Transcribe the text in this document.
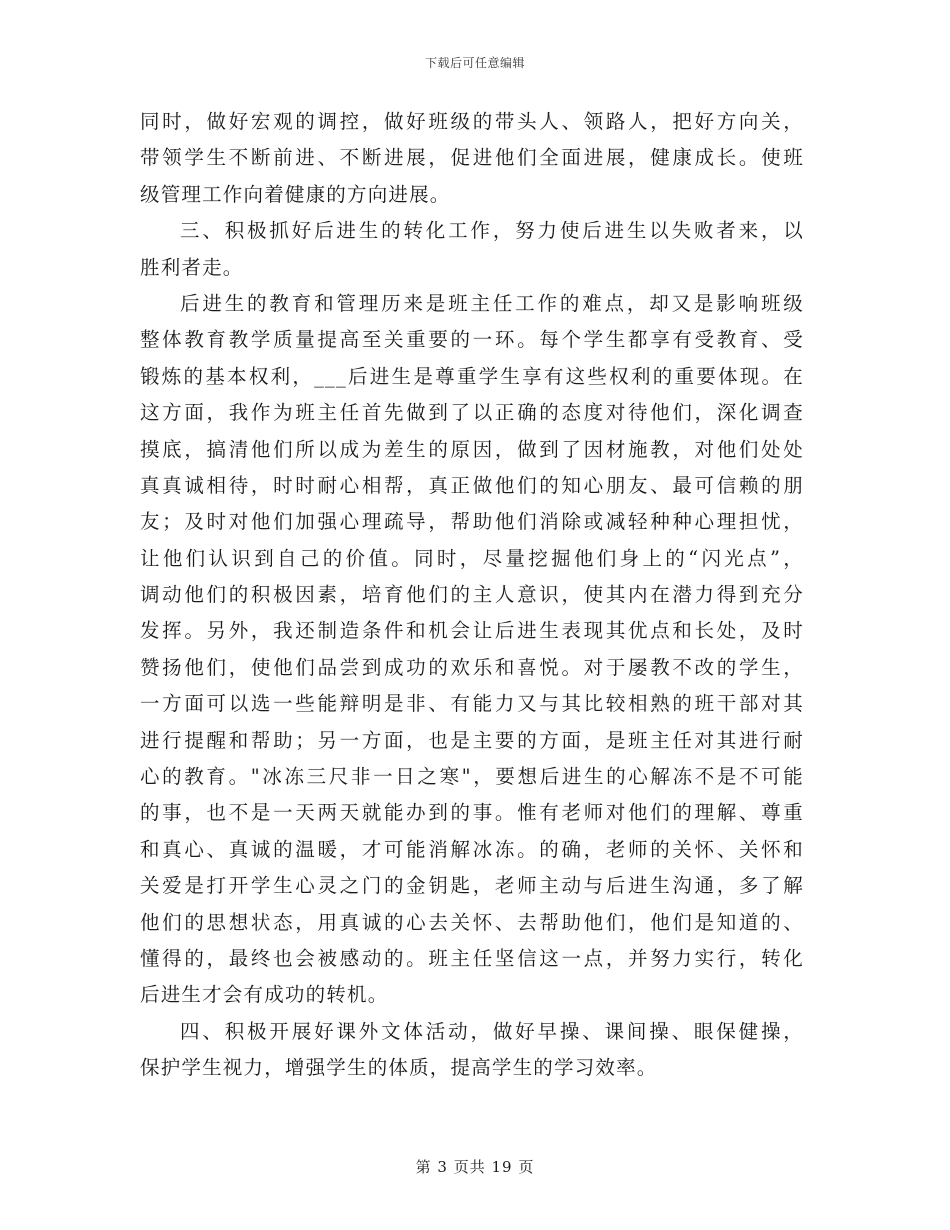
下载后可任意编辑
同时，做好宏观的调控，做好班级的带头人、领路人，把好方向关，
带领学生不断前进、不断进展，促进他们全面进展，健康成长。使班
级管理工作向着健康的方向进展。
三、积极抓好后进生的转化工作，努力使后进生以失败者来，以
胜利者走。
后进生的教育和管理历来是班主任工作的难点，却又是影响班级
整体教育教学质量提高至关重要的一环。每个学生都享有受教育、受
锻炼的基本权利，___后进生是尊重学生享有这些权利的重要体现。在
这方面，我作为班主任首先做到了以正确的态度对待他们，深化调查
摸底，搞清他们所以成为差生的原因，做到了因材施教，对他们处处
真真诚相待，时时耐心相帮，真正做他们的知心朋友、最可信赖的朋
友；及时对他们加强心理疏导，帮助他们消除或减轻种种心理担忧，
让他们认识到自己的价值。同时，尽量挖掘他们身上的“闪光点”，
调动他们的积极因素，培育他们的主人意识，使其内在潜力得到充分
发挥。另外，我还制造条件和机会让后进生表现其优点和长处，及时
赞扬他们，使他们品尝到成功的欢乐和喜悦。对于屡教不改的学生，
一方面可以选一些能辩明是非、有能力又与其比较相熟的班干部对其
进行提醒和帮助；另一方面，也是主要的方面，是班主任对其进行耐
心的教育。"冰冻三尺非一日之寒"，要想后进生的心解冻不是不可能
的事，也不是一天两天就能办到的事。惟有老师对他们的理解、尊重
和真心、真诚的温暖，才可能消解冰冻。的确，老师的关怀、关怀和
关爱是打开学生心灵之门的金钥匙，老师主动与后进生沟通，多了解
他们的思想状态，用真诚的心去关怀、去帮助他们，他们是知道的、
懂得的，最终也会被感动的。班主任坚信这一点，并努力实行，转化
后进生才会有成功的转机。
四、积极开展好课外文体活动，做好早操、课间操、眼保健操，
保护学生视力，增强学生的体质，提高学生的学习效率。
第 3 页共 19 页
